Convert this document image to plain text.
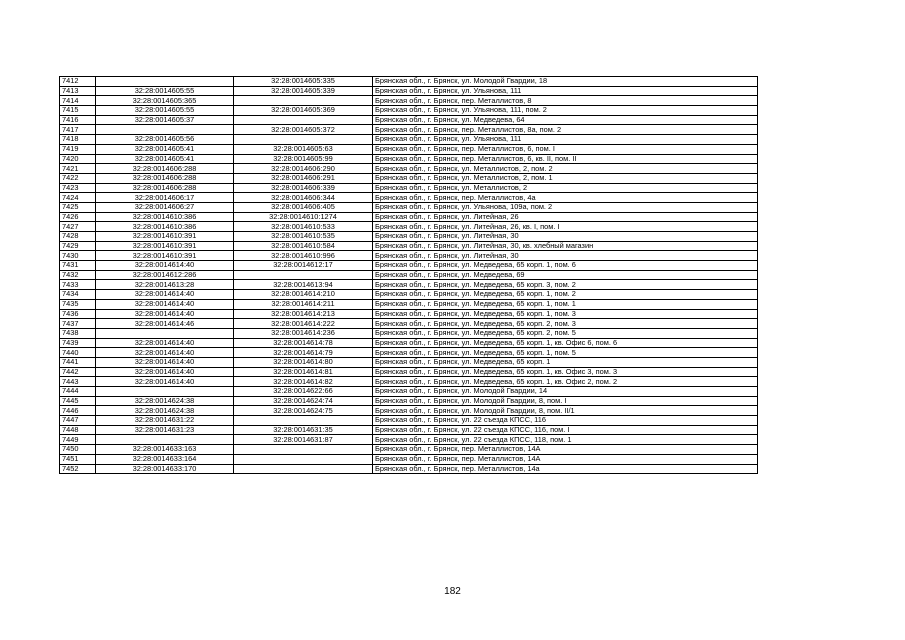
7412		32:28:0014605:335	Брянская обл., г. Брянск, ул. Молодой Гвардии, 18
7413	32:28:0014605:55	32:28:0014605:339	Брянская обл., г. Брянск, ул. Ульянова, 111
7414	32:28:0014605:365		Брянская обл., г. Брянск, пер. Металлистов, 8
7415	32:28:0014605:55	32:28:0014605:369	Брянская обл., г. Брянск, ул. Ульянова, 111, пом. 2
7416	32:28:0014605:37		Брянская обл., г. Брянск, ул. Медведева, 64
7417		32:28:0014605:372	Брянская обл., г. Брянск, пер. Металлистов, 8а, пом. 2
7418	32:28:0014605:56		Брянская обл., г. Брянск, ул. Ульянова, 111
7419	32:28:0014605:41	32:28:0014605:63	Брянская обл., г. Брянск, пер. Металлистов, 6, пом. I
7420	32:28:0014605:41	32:28:0014605:99	Брянская обл., г. Брянск, пер. Металлистов, 6, кв. II, пом. II
7421	32:28:0014606:288	32:28:0014606:290	Брянская обл., г. Брянск, ул. Металлистов, 2, пом. 2
7422	32:28:0014606:288	32:28:0014606:291	Брянская обл., г. Брянск, ул. Металлистов, 2, пом. 1
7423	32:28:0014606:288	32:28:0014606:339	Брянская обл., г. Брянск, ул. Металлистов, 2
7424	32:28:0014606:17	32:28:0014606:344	Брянская обл., г. Брянск, пер. Металлистов, 4а
7425	32:28:0014606:27	32:28:0014606:405	Брянская обл., г. Брянск, ул. Ульянова, 109а, пом. 2
7426	32:28:0014610:386	32:28:0014610:1274	Брянская обл., г. Брянск, ул. Литейная, 26
7427	32:28:0014610:386	32:28:0014610:533	Брянская обл., г. Брянск, ул. Литейная, 26, кв. I, пом. I
7428	32:28:0014610:391	32:28:0014610:535	Брянская обл., г. Брянск, ул. Литейная, 30
7429	32:28:0014610:391	32:28:0014610:584	Брянская обл., г. Брянск, ул. Литейная, 30, кв. хлебный магазин
7430	32:28:0014610:391	32:28:0014610:996	Брянская обл., г. Брянск, ул. Литейная, 30
7431	32:28:0014614:40	32:28:0014612:17	Брянская обл., г. Брянск, ул. Медведева, 65 корп. 1, пом. 6
7432	32:28:0014612:286		Брянская обл., г. Брянск, ул. Медведева, 69
7433	32:28:0014613:28	32:28:0014613:94	Брянская обл., г. Брянск, ул. Медведева, 65 корп. 3, пом. 2
7434	32:28:0014614:40	32:28:0014614:210	Брянская обл., г. Брянск, ул. Медведева, 65 корп. 1, пом. 2
7435	32:28:0014614:40	32:28:0014614:211	Брянская обл., г. Брянск, ул. Медведева, 65 корп. 1, пом. 1
7436	32:28:0014614:40	32:28:0014614:213	Брянская обл., г. Брянск, ул. Медведева, 65 корп. 1, пом. 3
7437	32:28:0014614:46	32:28:0014614:222	Брянская обл., г. Брянск, ул. Медведева, 65 корп. 2, пом. 3
7438		32:28:0014614:236	Брянская обл., г. Брянск, ул. Медведева, 65 корп. 2, пом. 5
7439	32:28:0014614:40	32:28:0014614:78	Брянская обл., г. Брянск, ул. Медведева, 65 корп. 1, кв. Офис 6, пом. 6
7440	32:28:0014614:40	32:28:0014614:79	Брянская обл., г. Брянск, ул. Медведева, 65 корп. 1, пом. 5
7441	32:28:0014614:40	32:28:0014614:80	Брянская обл., г. Брянск, ул. Медведева, 65 корп. 1
7442	32:28:0014614:40	32:28:0014614:81	Брянская обл., г. Брянск, ул. Медведева, 65 корп. 1, кв. Офис 3, пом. 3
7443	32:28:0014614:40	32:28:0014614:82	Брянская обл., г. Брянск, ул. Медведева, 65 корп. 1, кв. Офис 2, пом. 2
7444		32:28:0014622:66	Брянская обл., г. Брянск, ул. Молодой Гвардии, 14
7445	32:28:0014624:38	32:28:0014624:74	Брянская обл., г. Брянск, ул. Молодой Гвардии, 8, пом. I
7446	32:28:0014624:38	32:28:0014624:75	Брянская обл., г. Брянск, ул. Молодой Гвардии, 8, пом. II/1
7447	32:28:0014631:22		Брянская обл., г. Брянск, ул. 22 съезда КПСС, 116
7448	32:28:0014631:23	32:28:0014631:35	Брянская обл., г. Брянск, ул. 22 съезда КПСС, 116, пом. I
7449		32:28:0014631:87	Брянская обл., г. Брянск, ул. 22 съезда КПСС, 118, пом. 1
7450	32:28:0014633:163		Брянская обл., г. Брянск, пер. Металлистов, 14А
7451	32:28:0014633:164		Брянская обл., г. Брянск, пер. Металлистов, 14А
7452	32:28:0014633:170		Брянская обл., г. Брянск, пер. Металлистов, 14а
182
